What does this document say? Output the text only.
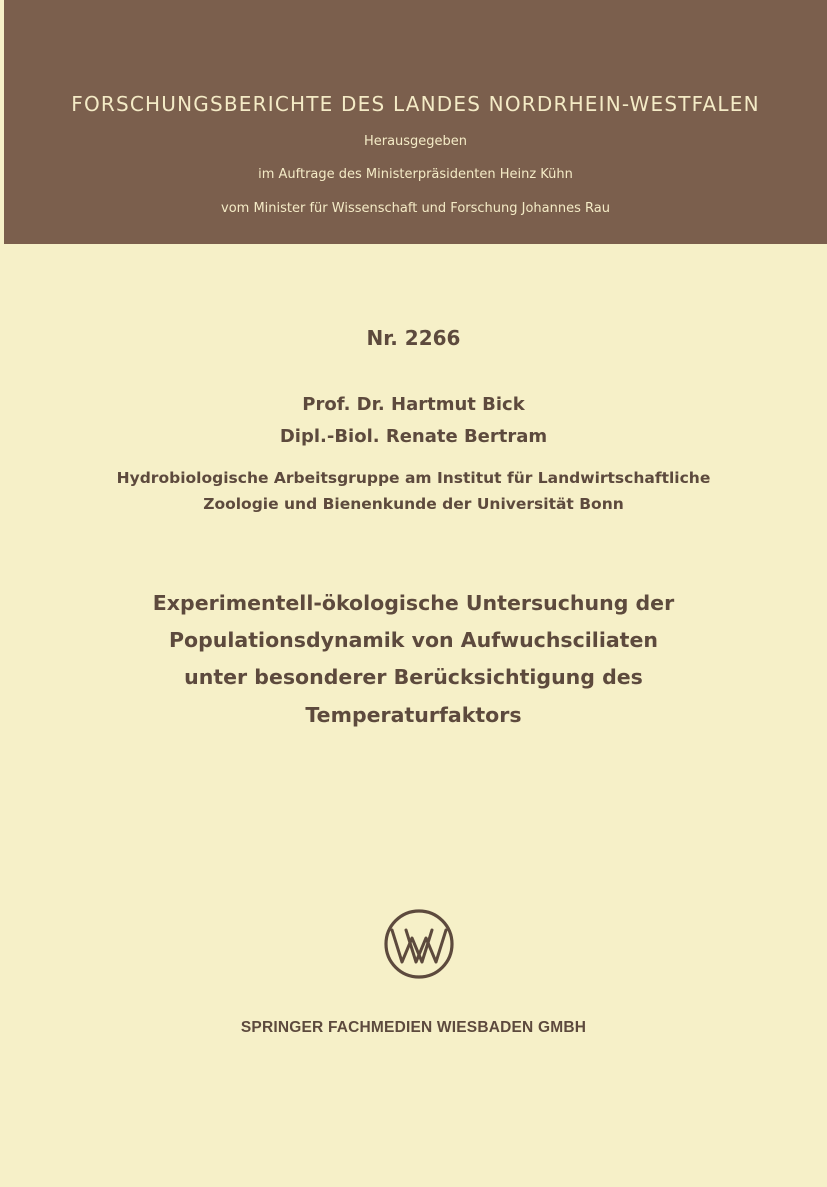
FORSCHUNGSBERICHTE DES LANDES NORDRHEIN-WESTFALEN
Herausgegeben
im Auftrage des Ministerpräsidenten Heinz Kühn
vom Minister für Wissenschaft und Forschung Johannes Rau
Nr. 2266
Prof. Dr. Hartmut Bick
Dipl.-Biol. Renate Bertram
Hydrobiologische Arbeitsgruppe am Institut für Landwirtschaftliche
Zoologie und Bienenkunde der Universität Bonn
Experimentell-ökologische Untersuchung der
Populationsdynamik von Aufwuchsciliaten
unter besonderer Berücksichtigung des
Temperaturfaktors
SPRINGER FACHMEDIEN WIESBADEN GMBH
